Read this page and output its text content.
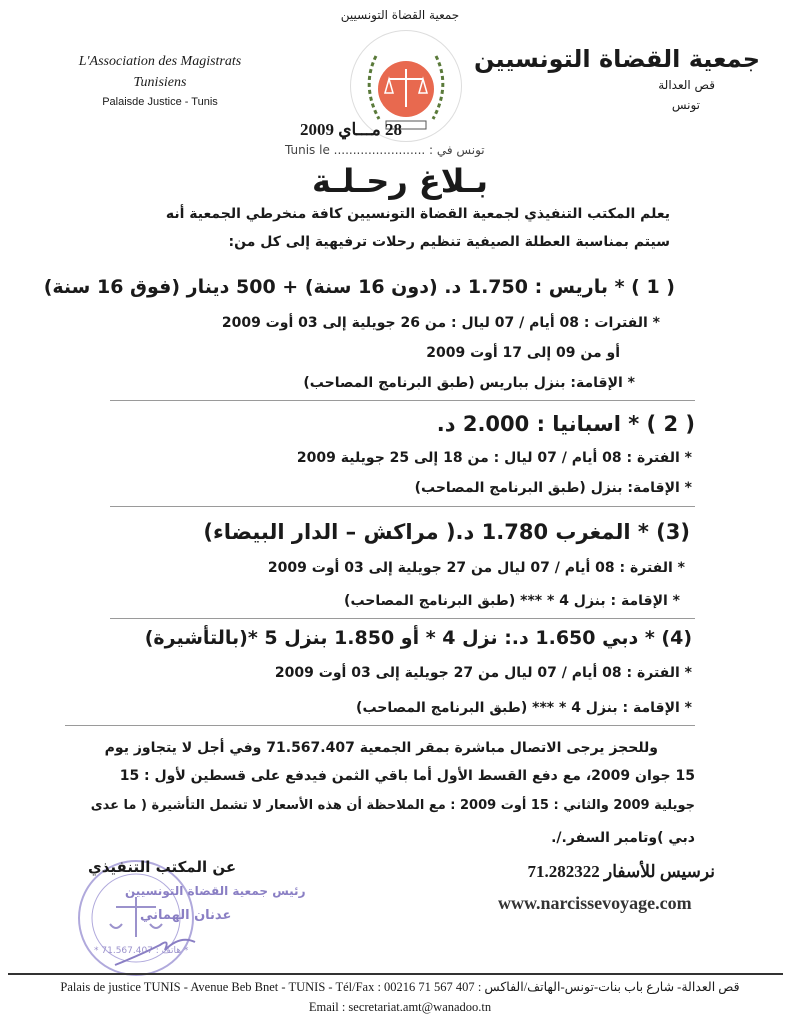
جمعية القضاة التونسيين
L'Association des Magistrats
Tunisiens
Palaisde Justice - Tunis
جمعية القضاة التونسيين
قص العدالة
تونس
28 مـــاي 2009
تونس في : ........................ Tunis le
بـلاغ رحـلـة
يعلم المكتب التنفيذي لجمعية القضاة التونسيين كافة منخرطي الجمعية أنه
سيتم بمناسبة العطلة الصيفية تنظيم رحلات ترفيهية إلى كل من:
( 1 ) * باريس : 1.750 د. (دون 16 سنة) + 500 دينار (فوق 16 سنة)
* الفترات : 08 أيام / 07 ليال : من 26 جويلية إلى 03 أوت 2009
أو من 09 إلى 17 أوت 2009
* الإقامة: بنزل بباريس (طبق البرنامج المصاحب)
( 2 ) * اسبانيا : 2.000 د.
* الفترة : 08 أيام / 07 ليال : من 18 إلى 25 جويلية 2009
* الإقامة: بنزل (طبق البرنامج المصاحب)
(3) * المغرب 1.780 د.( مراكش – الدار البيضاء)
* الفترة : 08 أيام / 07 ليال من 27 جويلية إلى 03 أوت 2009
* الإقامة : بنزل 4 * *** (طبق البرنامج المصاحب)
(4) * دبي 1.650 د.: نزل 4 * أو 1.850 بنزل 5 *(بالتأشيرة)
* الفترة : 08 أيام / 07 ليال من 27 جويلية إلى 03 أوت 2009
* الإقامة : بنزل 4 * *** (طبق البرنامج المصاحب)
وللحجز يرجى الاتصال مباشرة بمقر الجمعية 71.567.407 وفي أجل لا يتجاوز يوم
15 جوان 2009، مع دفع القسط الأول أما باقي الثمن فيدفع على قسطين لأول : 15
جويلية 2009 والثاني : 15 أوت 2009 : مع الملاحظة أن هذه الأسعار لا تشمل التأشيرة ( ما عدى
دبي )وتامبر السفر./.
نرسيس للأسفار 71.282322
www.narcissevoyage.com
* هاتف : 71.567.407 *
عن المكتب التنفيذي
رئيس جمعية القضاة التونسيين
عدنان الهماني
قص العدالة- شارع باب بنات-تونس-الهاتف/الفاكس : Palais de justice TUNIS - Avenue Beb Bnet - TUNIS - Tél/Fax : 00216 71 567 407
Email : secretariat.amt@wanadoo.tn
